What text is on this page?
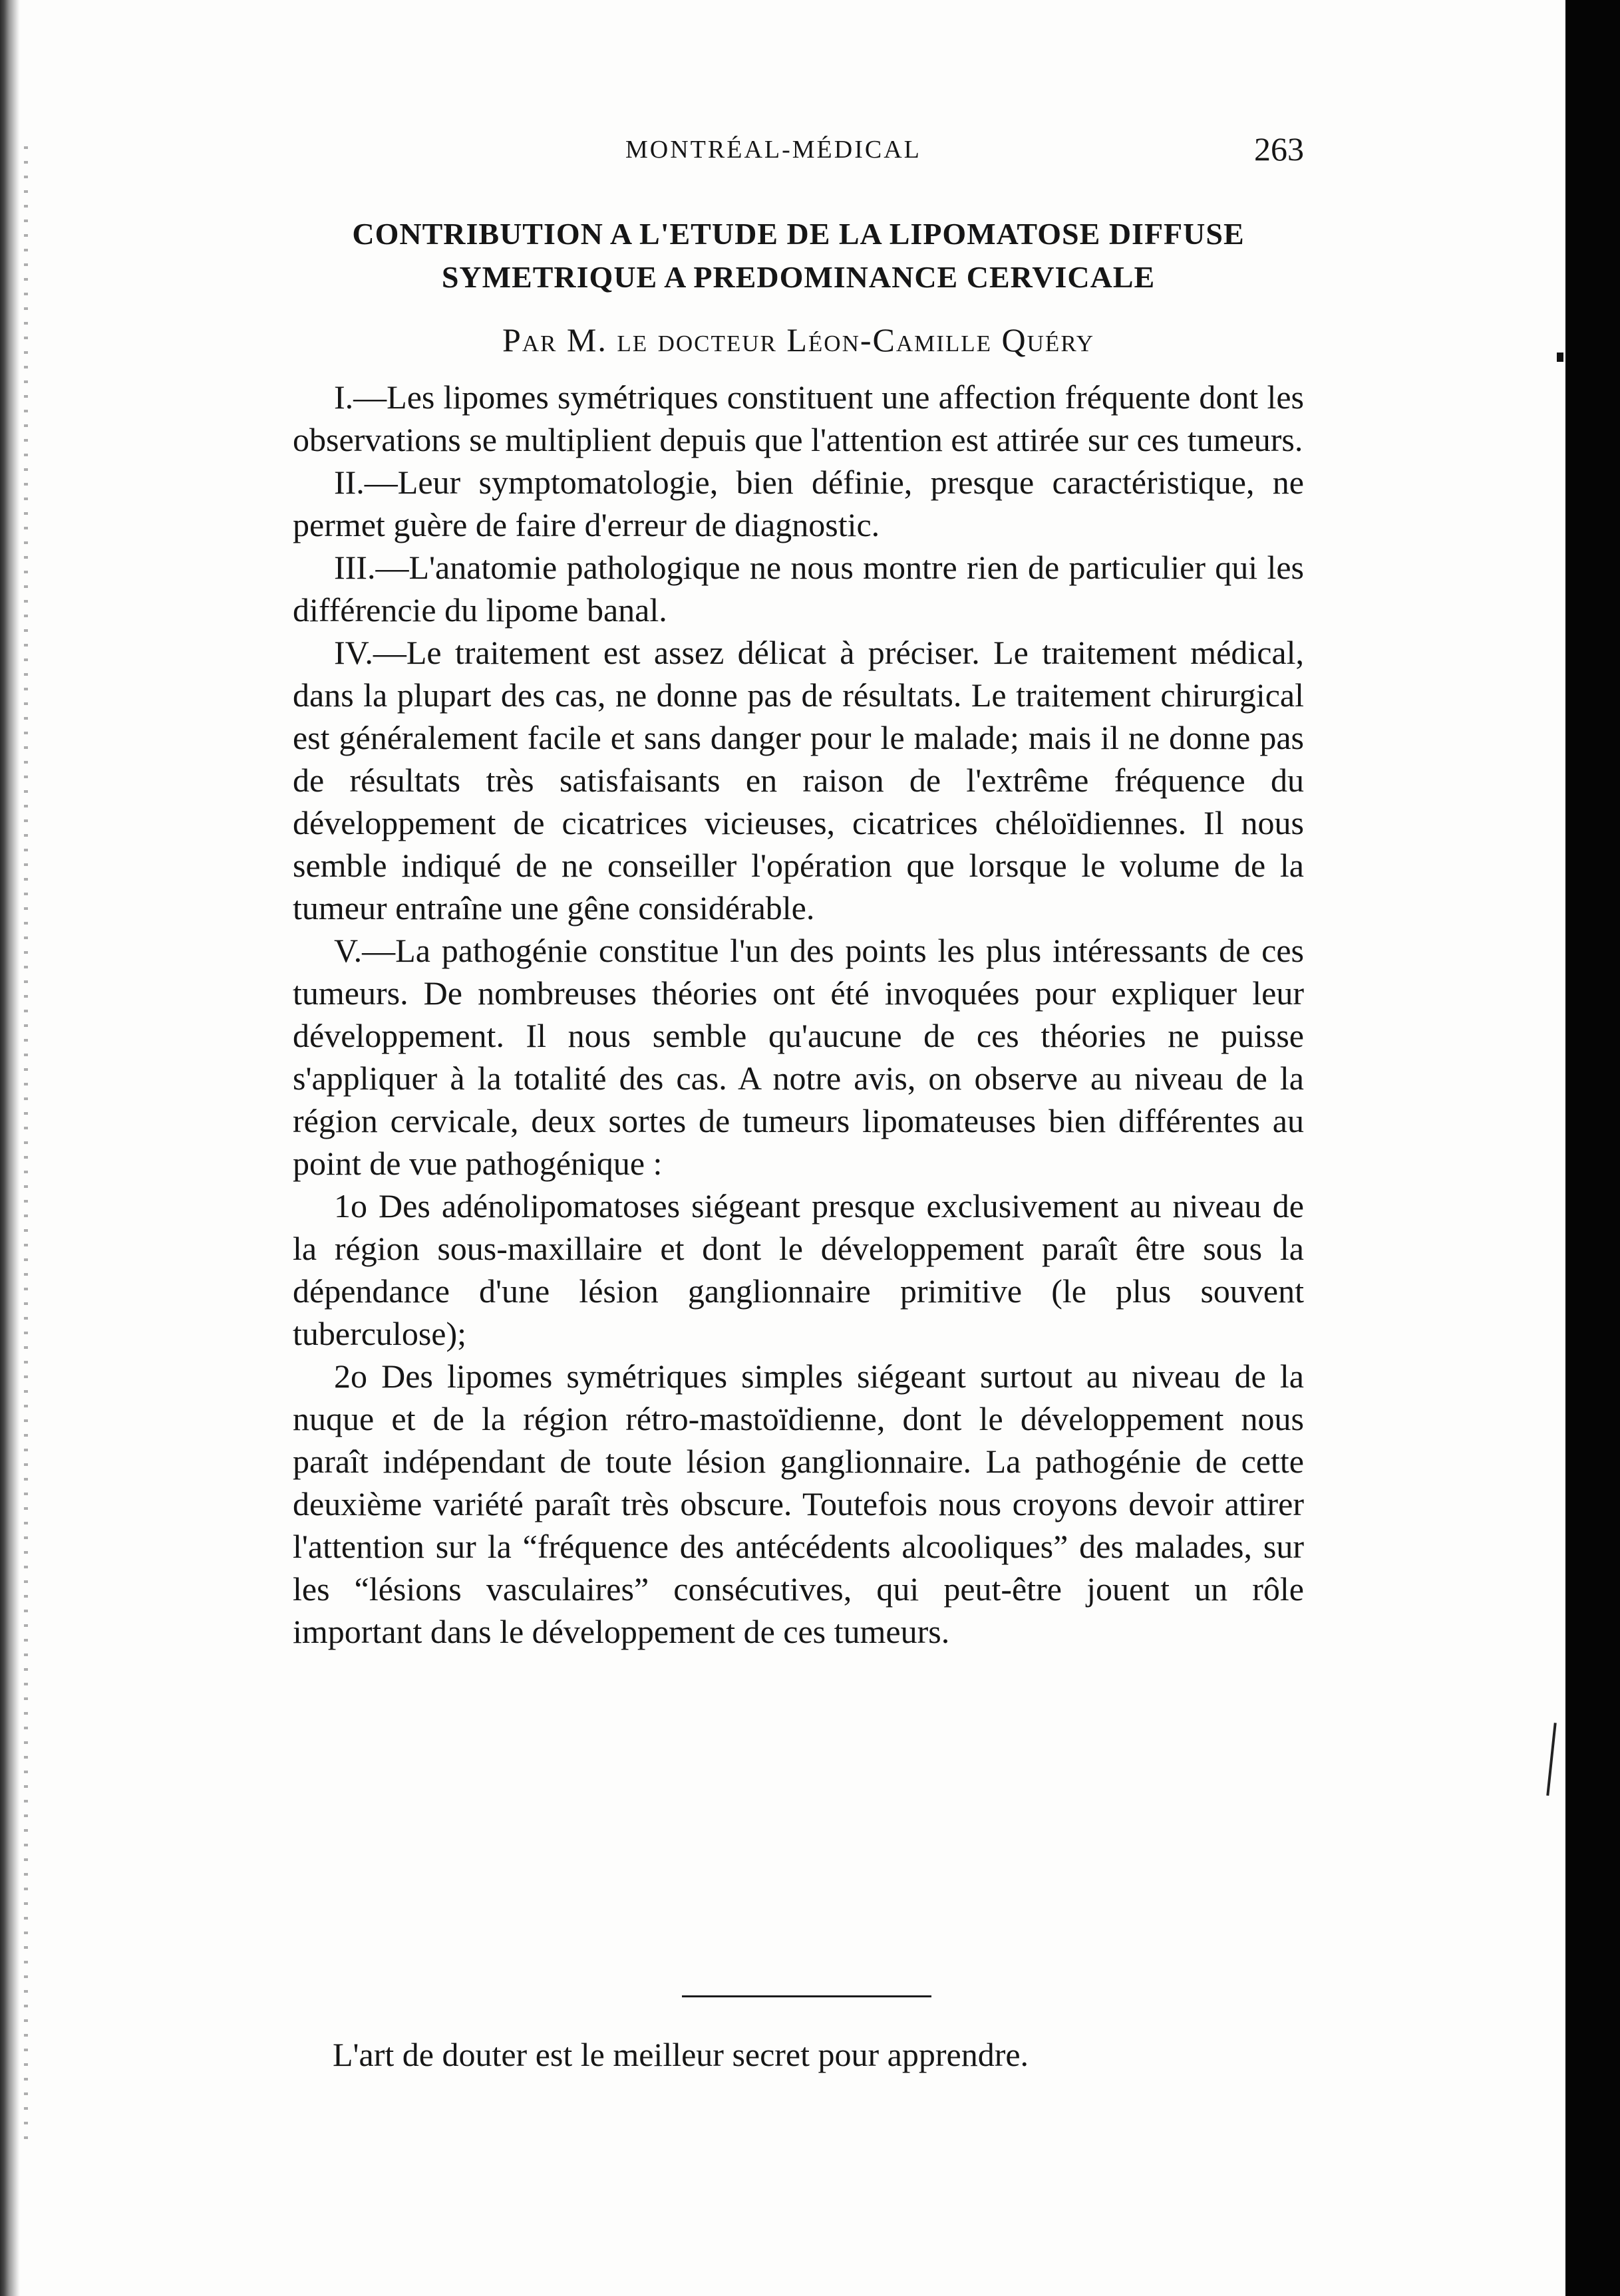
MONTRÉAL-MÉDICAL	263
CONTRIBUTION A L'ETUDE DE LA LIPOMATOSE DIFFUSE
SYMETRIQUE A PREDOMINANCE CERVICALE
Par M. le docteur Léon-Camille Quéry

I.—Les lipomes symétriques constituent une affection fréquente dont les observations se multiplient depuis que l'attention est attirée sur ces tumeurs.

II.—Leur symptomatologie, bien définie, presque caractéristique, ne permet guère de faire d'erreur de diagnostic.

III.—L'anatomie pathologique ne nous montre rien de particulier qui les différencie du lipome banal.

IV.—Le traitement est assez délicat à préciser. Le traitement médical, dans la plupart des cas, ne donne pas de résultats. Le traitement chirurgical est généralement facile et sans danger pour le malade; mais il ne donne pas de résultats très satisfaisants en raison de l'extrême fréquence du développement de cicatrices vicieuses, cicatrices chéloïdiennes. Il nous semble indiqué de ne conseiller l'opération que lorsque le volume de la tumeur entraîne une gêne considérable.

V.—La pathogénie constitue l'un des points les plus intéressants de ces tumeurs. De nombreuses théories ont été invoquées pour expliquer leur développement. Il nous semble qu'aucune de ces théories ne puisse s'appliquer à la totalité des cas. A notre avis, on observe au niveau de la région cervicale, deux sortes de tumeurs lipomateuses bien différentes au point de vue pathogénique :

1o Des adénolipomatoses siégeant presque exclusivement au niveau de la région sous-maxillaire et dont le développement paraît être sous la dépendance d'une lésion ganglionnaire primitive (le plus souvent tuberculose);

2o Des lipomes symétriques simples siégeant surtout au niveau de la nuque et de la région rétro-mastoïdienne, dont le développement nous paraît indépendant de toute lésion ganglionnaire. La pathogénie de cette deuxième variété paraît très obscure. Toutefois nous croyons devoir attirer l'attention sur la “fréquence des antécédents alcooliques” des malades, sur les “lésions vasculaires” consécutives, qui peut-être jouent un rôle important dans le développement de ces tumeurs.

L'art de douter est le meilleur secret pour apprendre.
